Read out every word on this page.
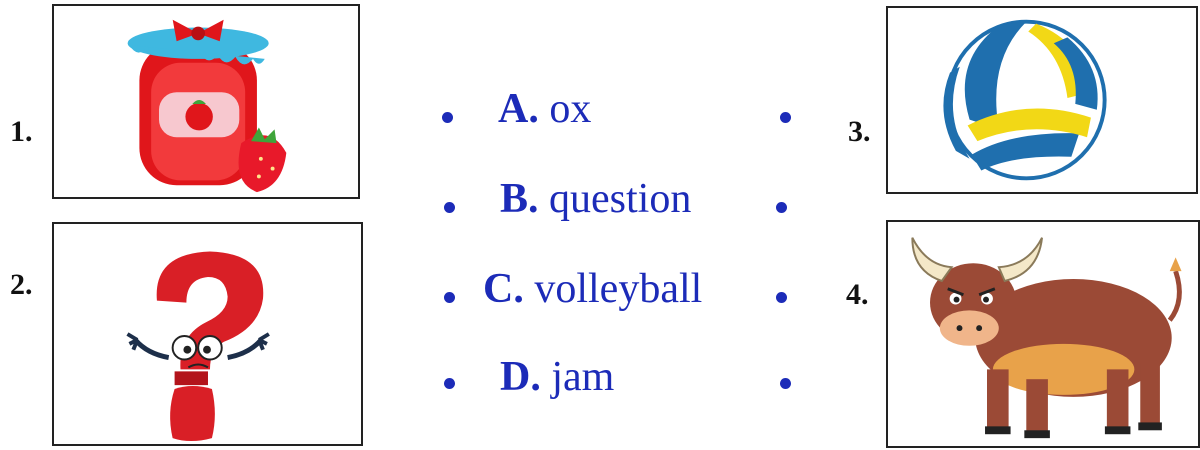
1.
2.
A. ox
B. question
C. volleyball
D. jam
3.
4.
